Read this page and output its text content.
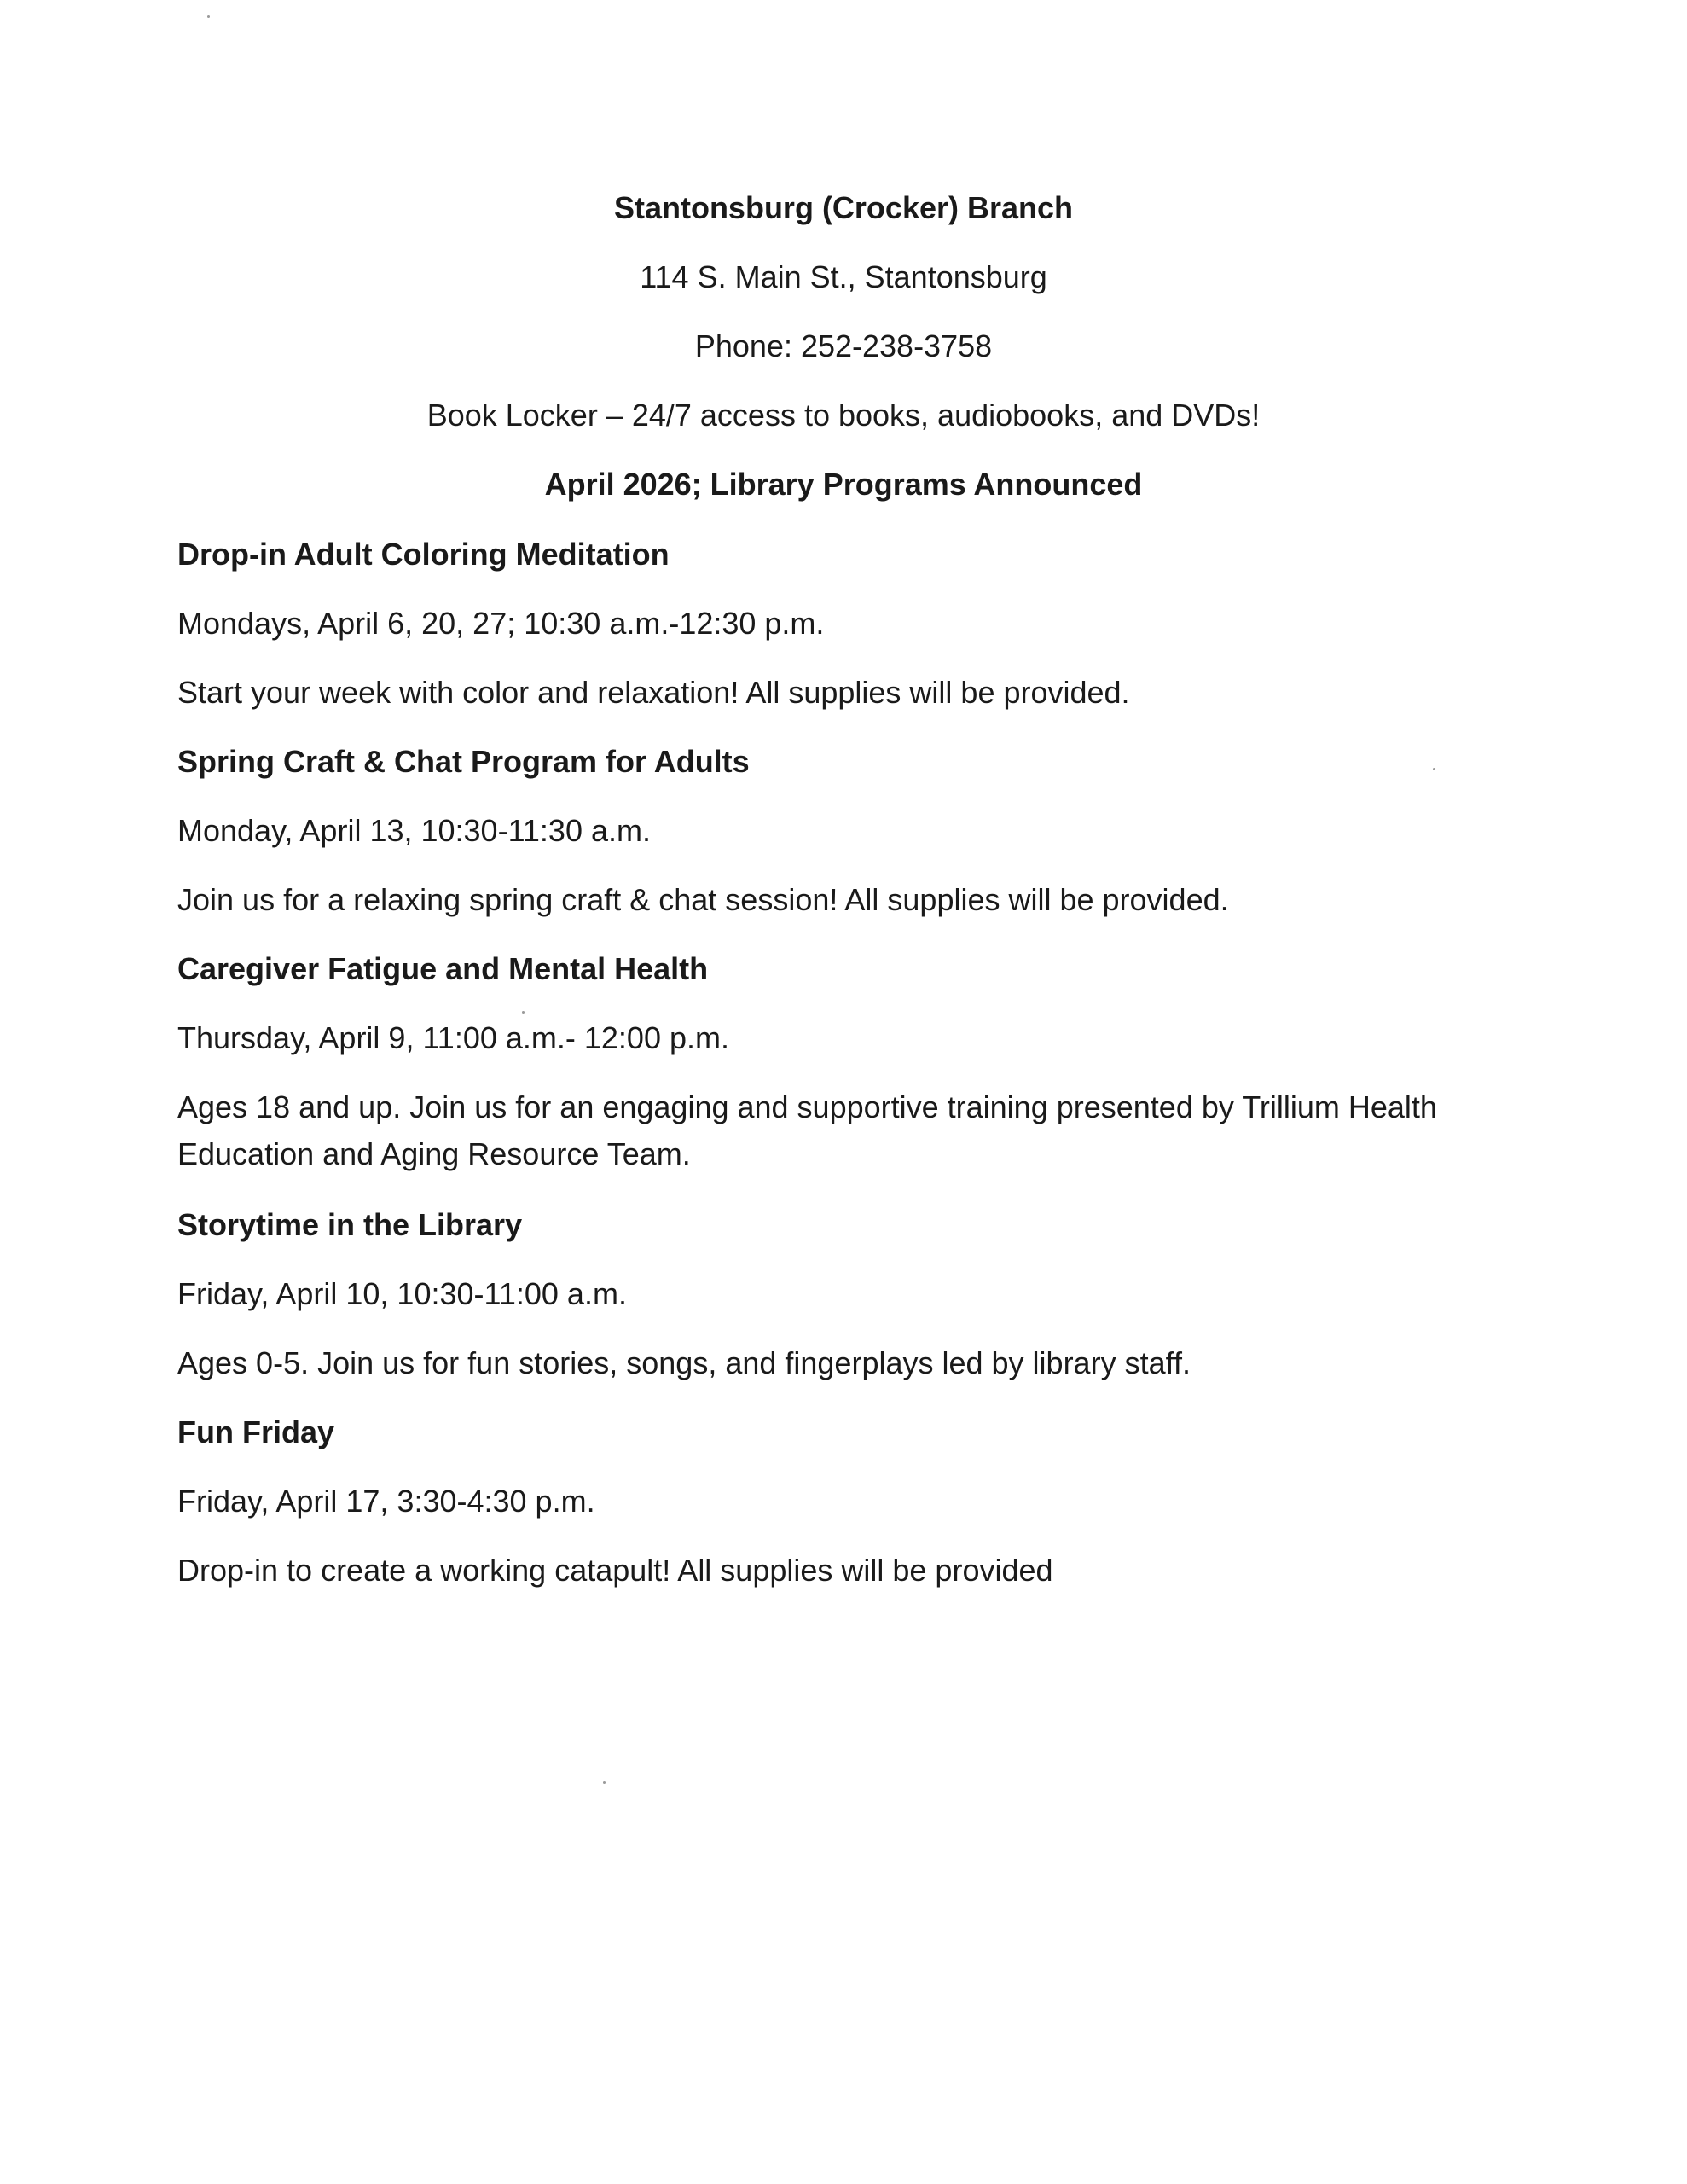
Stantonsburg (Crocker) Branch
114 S. Main St., Stantonsburg
Phone: 252-238-3758
Book Locker – 24/7 access to books, audiobooks, and DVDs!
April 2026; Library Programs Announced
Drop-in Adult Coloring Meditation
Mondays, April 6, 20, 27; 10:30 a.m.-12:30 p.m.
Start your week with color and relaxation! All supplies will be provided.
Spring Craft & Chat Program for Adults
Monday, April 13, 10:30-11:30 a.m.
Join us for a relaxing spring craft & chat session! All supplies will be provided.
Caregiver Fatigue and Mental Health
Thursday, April 9, 11:00 a.m.- 12:00 p.m.
Ages 18 and up. Join us for an engaging and supportive training presented by Trillium Health Education and Aging Resource Team.
Storytime in the Library
Friday, April 10, 10:30-11:00 a.m.
Ages 0-5. Join us for fun stories, songs, and fingerplays led by library staff.
Fun Friday
Friday, April 17, 3:30-4:30 p.m.
Drop-in to create a working catapult! All supplies will be provided
